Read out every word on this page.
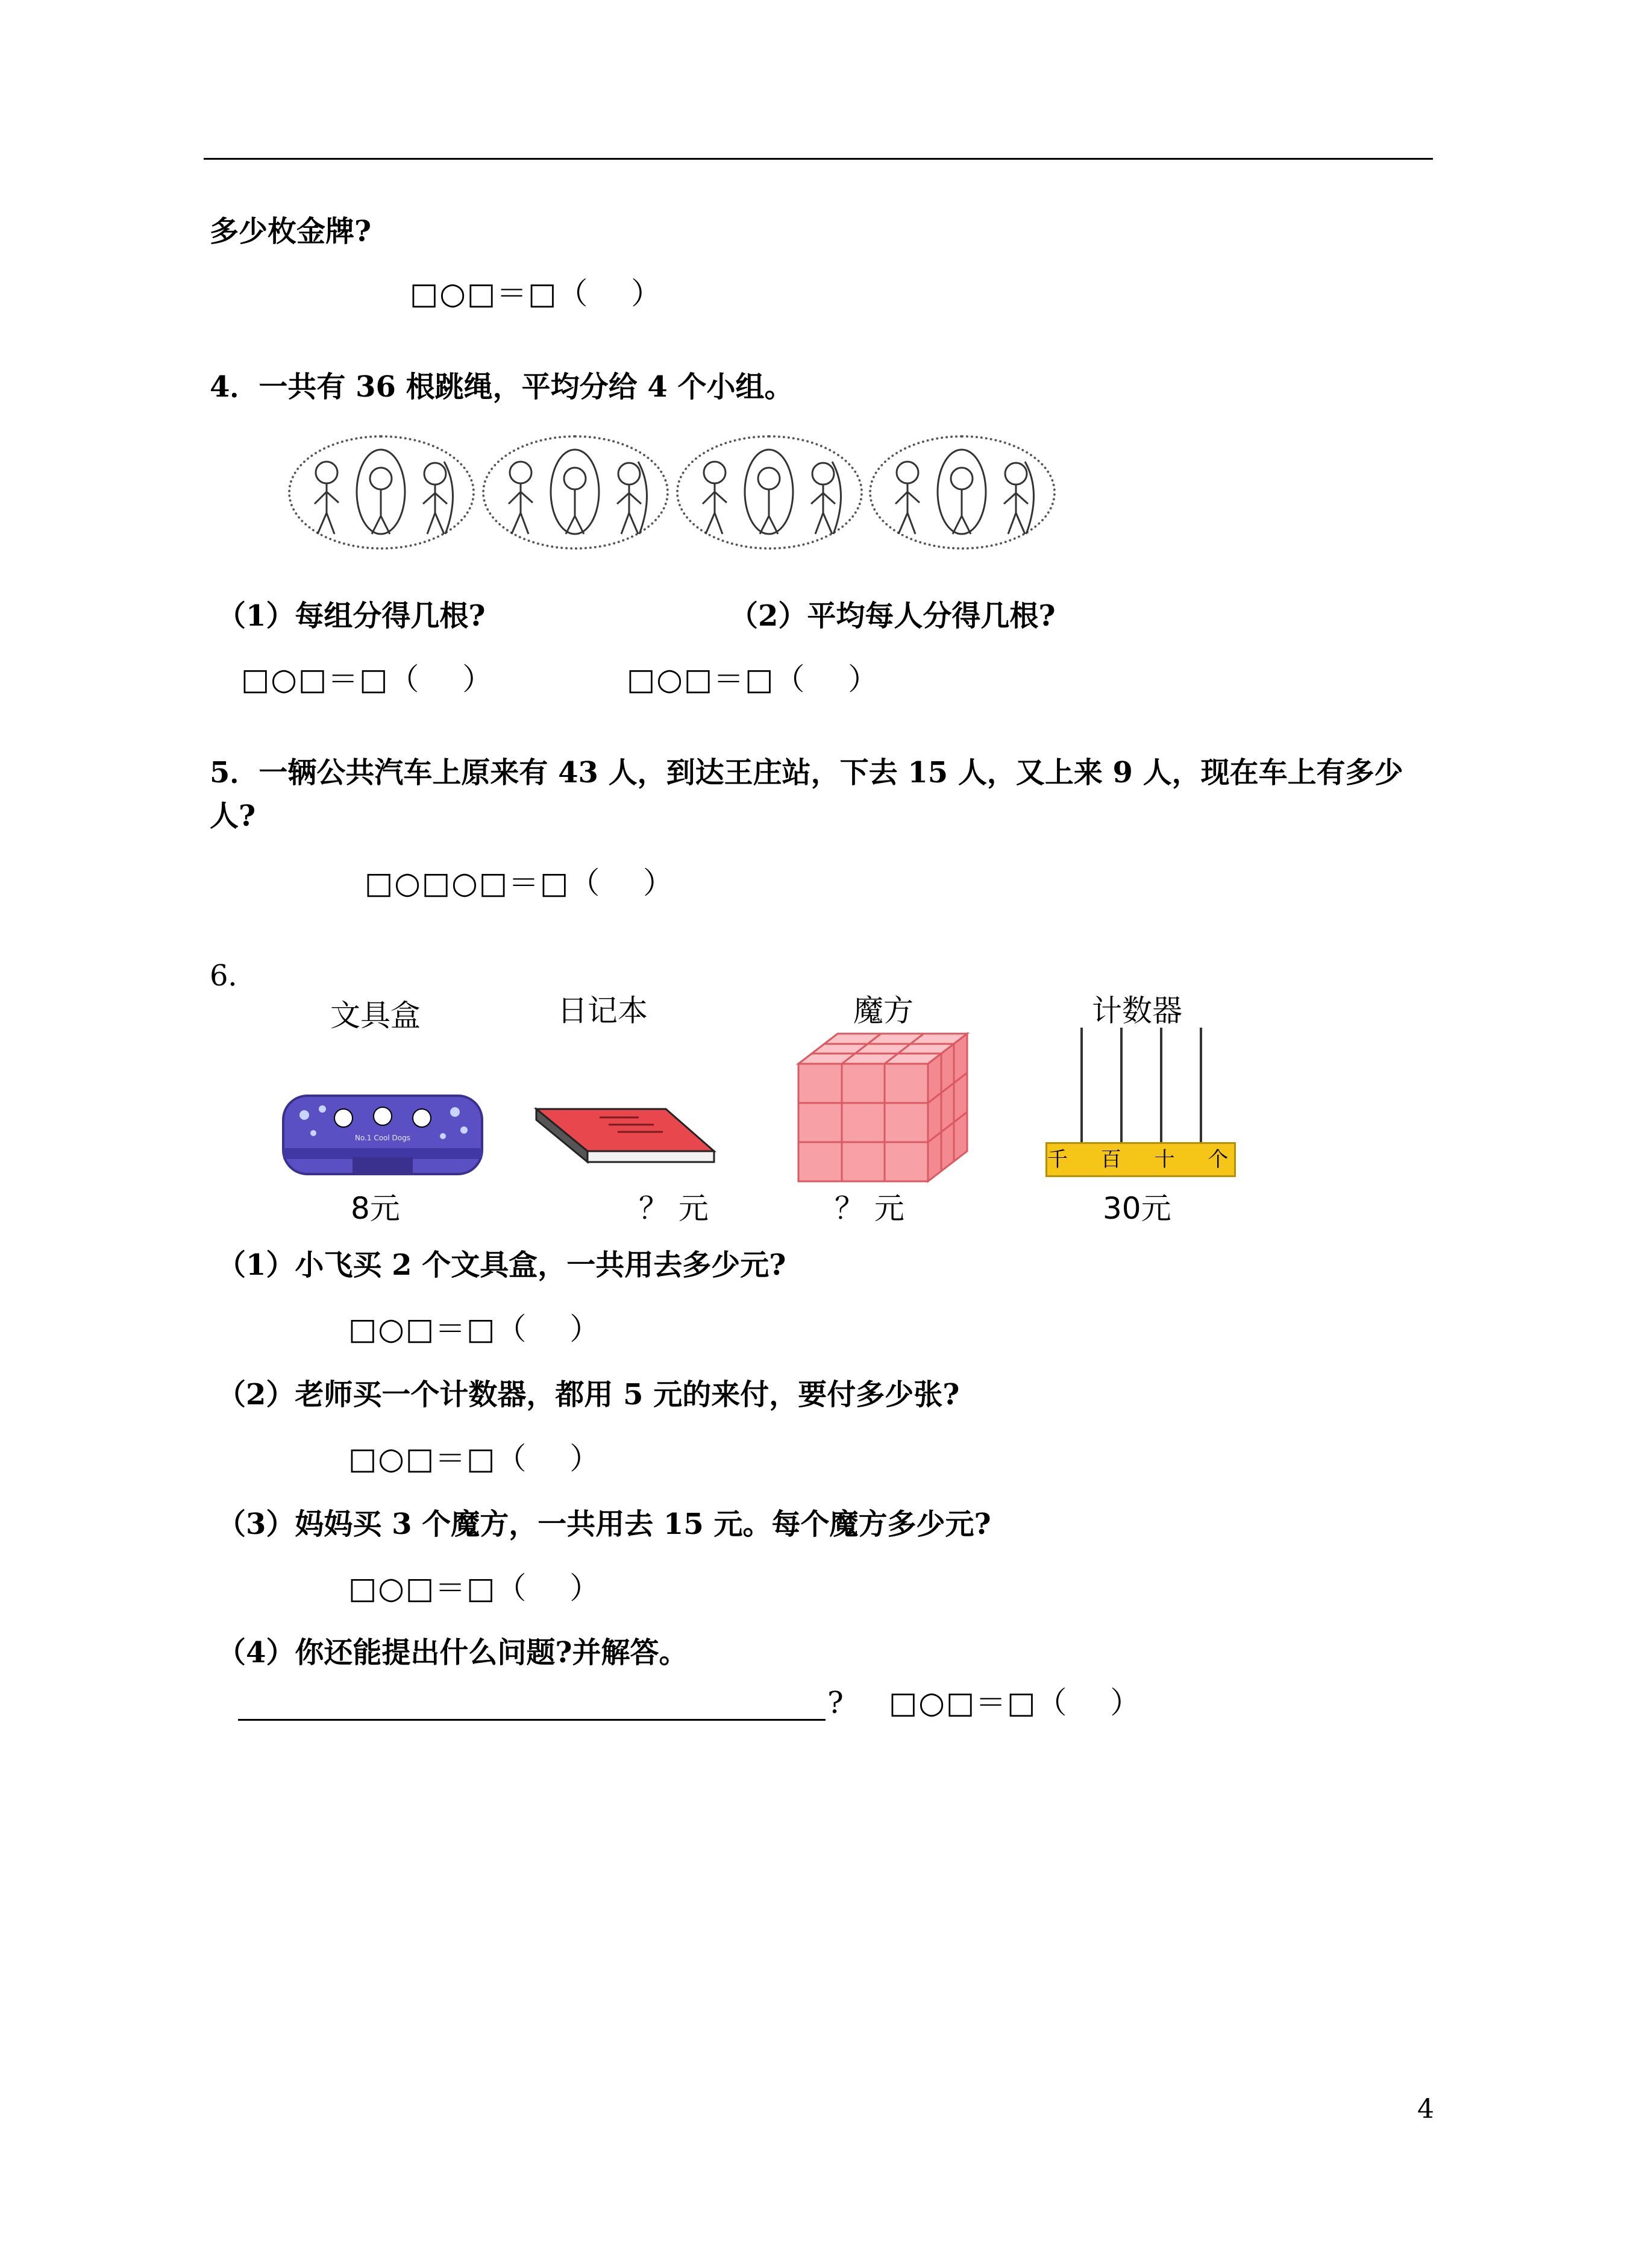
多少枚金牌?
□○□＝□（　 ）
4．一共有 36 根跳绳，平均分给 4 个小组。
（1）每组分得几根?	（2）平均每人分得几根?
□○□＝□（　 ）	□○□＝□（　 ）
5．一辆公共汽车上原来有 43 人，到达王庄站，下去 15 人，又上来 9 人，现在车上有多少
人?
□○□○□＝□（　 ）
6．
文具盒	日记本	魔方	计数器
No.1 Cool Dogs
千 百 十 个
8元	？ 元	？ 元	30元
（1）小飞买 2 个文具盒，一共用去多少元?
□○□＝□（　 ）
（2）老师买一个计数器，都用 5 元的来付，要付多少张?
□○□＝□（　 ）
（3）妈妈买 3 个魔方，一共用去 15 元。每个魔方多少元?
□○□＝□（　 ）
（4）你还能提出什么问题?并解答。
? □○□＝□（　 ）
4
